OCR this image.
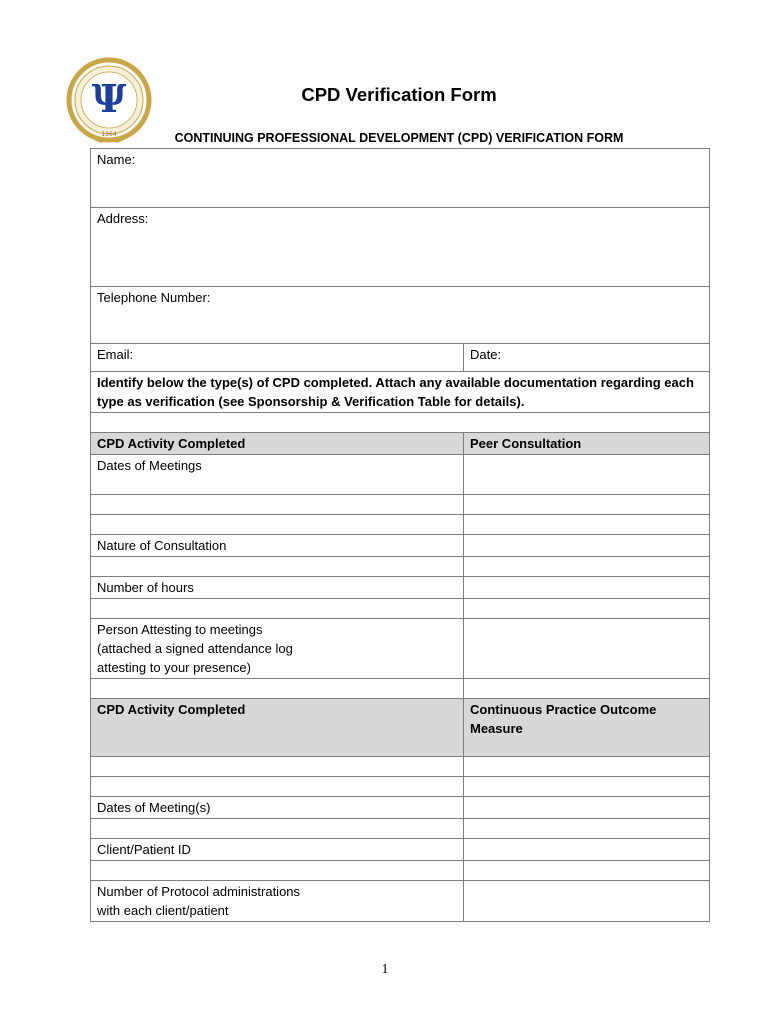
Ψ
1964
CPD Verification Form
CONTINUING PROFESSIONAL DEVELOPMENT (CPD) VERIFICATION FORM
Name:	
Address:	
Telephone Number:	
Email:	Date:
Identify below the type(s) of CPD completed. Attach any available documentation regarding each type as verification (see Sponsorship & Verification Table for details).	

CPD Activity Completed	Peer Consultation
Dates of Meetings	

Nature of Consultation	

Number of hours	

Person Attesting to meetings
(attached a signed attendance log
attesting to your presence)	

CPD Activity Completed	Continuous Practice Outcome
Measure

Dates of Meeting(s)	

Client/Patient ID	

Number of Protocol administrations
with each client/patient	

1
